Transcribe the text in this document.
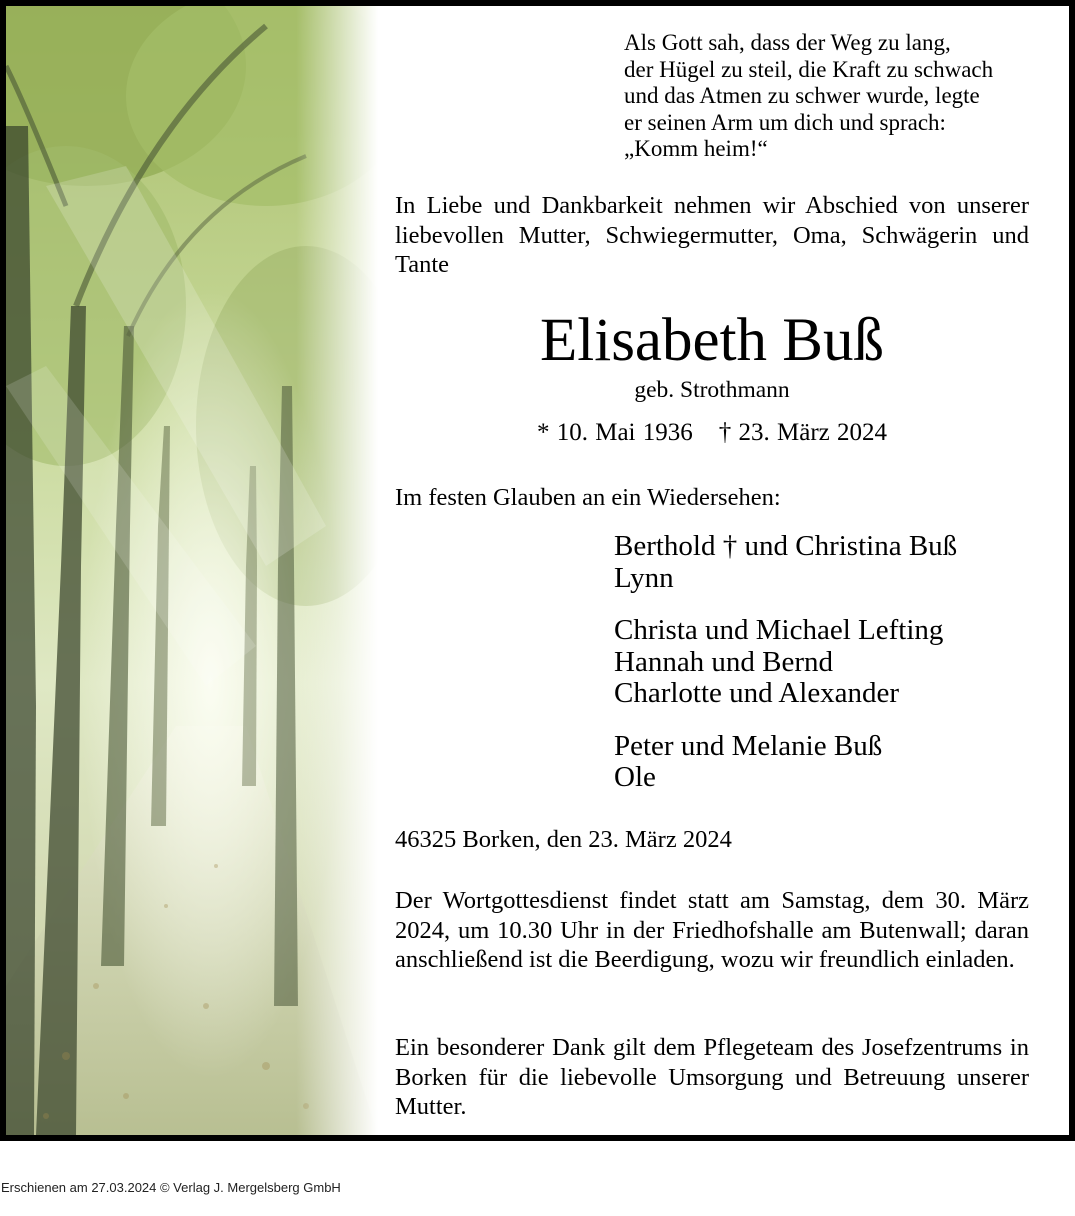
Als Gott sah, dass der Weg zu lang,
der Hügel zu steil, die Kraft zu schwach
und das Atmen zu schwer wurde, legte
er seinen Arm um dich und sprach:
„Komm heim!“
In Liebe und Dankbarkeit nehmen wir Abschied von unserer liebevollen Mutter, Schwiegermutter, Oma, Schwägerin und Tante
Elisabeth Buß
geb. Strothmann
* 10. Mai 1936 † 23. März 2024
Im festen Glauben an ein Wiedersehen:
Berthold † und Christina Buß
Lynn
Christa und Michael Lefting
Hannah und Bernd
Charlotte und Alexander
Peter und Melanie Buß
Ole
46325 Borken, den 23. März 2024
Der Wortgottesdienst findet statt am Samstag, dem 30. März 2024, um 10.30 Uhr in der Friedhofshalle am Butenwall; daran anschließend ist die Beerdigung, wozu wir freundlich einladen.
Ein besonderer Dank gilt dem Pflegeteam des Josefzentrums in Borken für die liebevolle Umsorgung und Betreuung unserer Mutter.
Erschienen am 27.03.2024 © Verlag J. Mergelsberg GmbH
